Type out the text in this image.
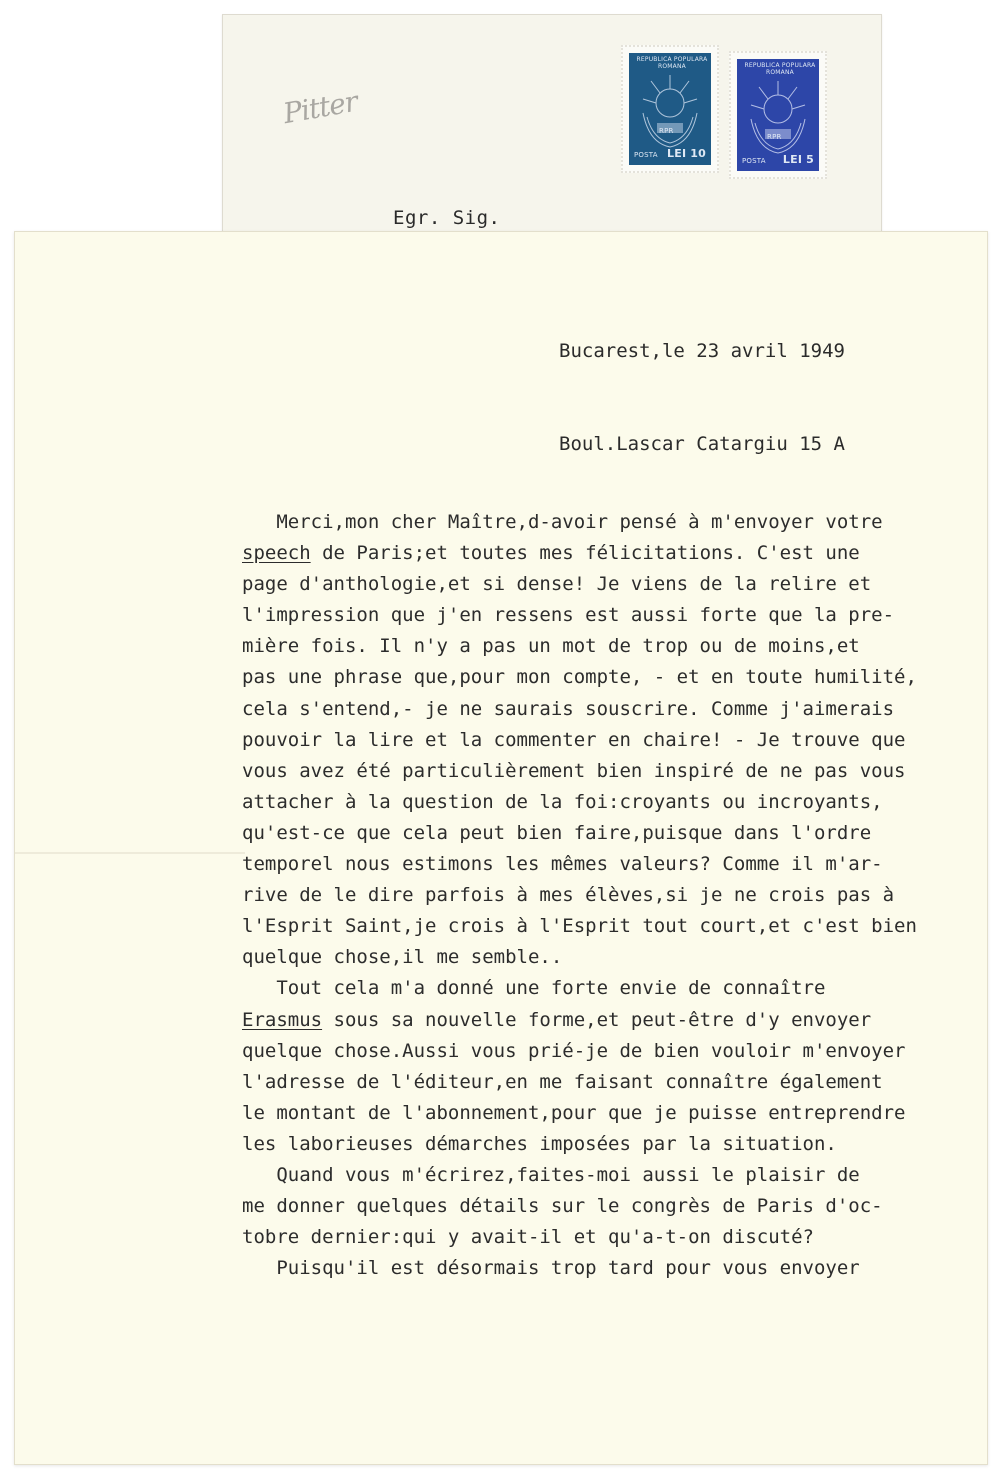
Pitter
REPUBLICA POPULARA ROMANA
RPR
POSTA LEI 10
REPUBLICA POPULARA ROMANA
RPR
POSTA LEI 5
Egr. Sig.

Bucarest,le 23 avril 1949

Boul.Lascar Catargiu 15 A

Merci,mon cher Maître,d-avoir pensé à m'envoyer votre
speech de Paris;et toutes mes félicitations. C'est une
page d'anthologie,et si dense! Je viens de la relire et
l'impression que j'en ressens est aussi forte que la pre-
mière fois. Il n'y a pas un mot de trop ou de moins,et
pas une phrase que,pour mon compte, - et en toute humilité,
cela s'entend,- je ne saurais souscrire. Comme j'aimerais
pouvoir la lire et la commenter en chaire! - Je trouve que
vous avez été particulièrement bien inspiré de ne pas vous
attacher à la question de la foi:croyants ou incroyants,
qu'est-ce que cela peut bien faire,puisque dans l'ordre
temporel nous estimons les mêmes valeurs? Comme il m'ar-
rive de le dire parfois à mes élèves,si je ne crois pas à
l'Esprit Saint,je crois à l'Esprit tout court,et c'est bien
quelque chose,il me semble..
Tout cela m'a donné une forte envie de connaître
Erasmus sous sa nouvelle forme,et peut-être d'y envoyer
quelque chose.Aussi vous prié-je de bien vouloir m'envoyer
l'adresse de l'éditeur,en me faisant connaître également
le montant de l'abonnement,pour que je puisse entreprendre
les laborieuses démarches imposées par la situation.
Quand vous m'écrirez,faites-moi aussi le plaisir de
me donner quelques détails sur le congrès de Paris d'oc-
tobre dernier:qui y avait-il et qu'a-t-on discuté?
Puisqu'il est désormais trop tard pour vous envoyer
